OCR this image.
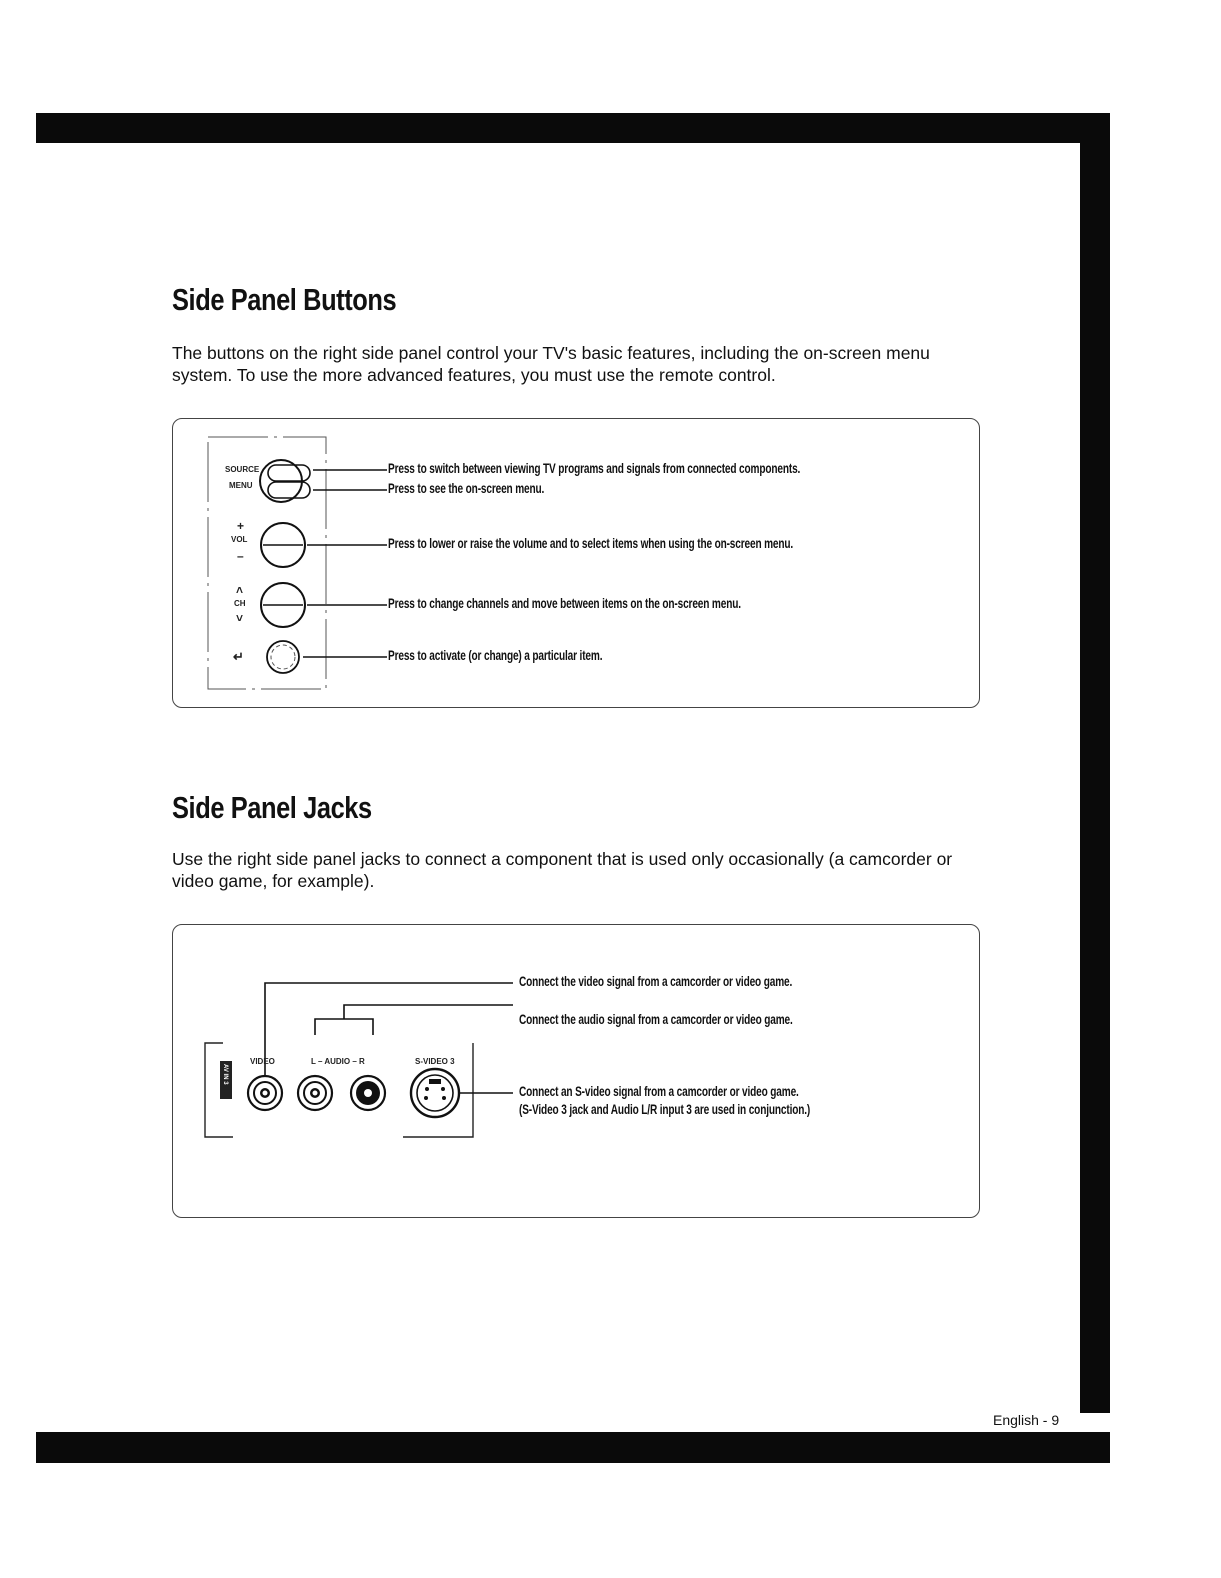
Side Panel Buttons

The buttons on the right side panel control your TV's basic features, including the on-screen menu system. To use the more advanced features, you must use the remote control.

SOURCE
MENU
+
VOL
–
˄
CH
˅
↵

Press to switch between viewing TV programs and signals from connected components.

Press to see the on-screen menu.

Press to lower or raise the volume and to select items when using the on-screen menu.

Press to change channels and move between items on the on-screen menu.

Press to activate (or change) a particular item.

Side Panel Jacks

Use the right side panel jacks to connect a component that is used only occasionally (a camcorder or video game, for example).

VIDEO	L – AUDIO – R	S-VIDEO 3
AV IN 3

Connect the video signal from a camcorder or video game.

Connect the audio signal from a camcorder or video game.

Connect an S-video signal from a camcorder or video game.

(S-Video 3 jack and Audio L/R input 3 are used in conjunction.)

English - 9
